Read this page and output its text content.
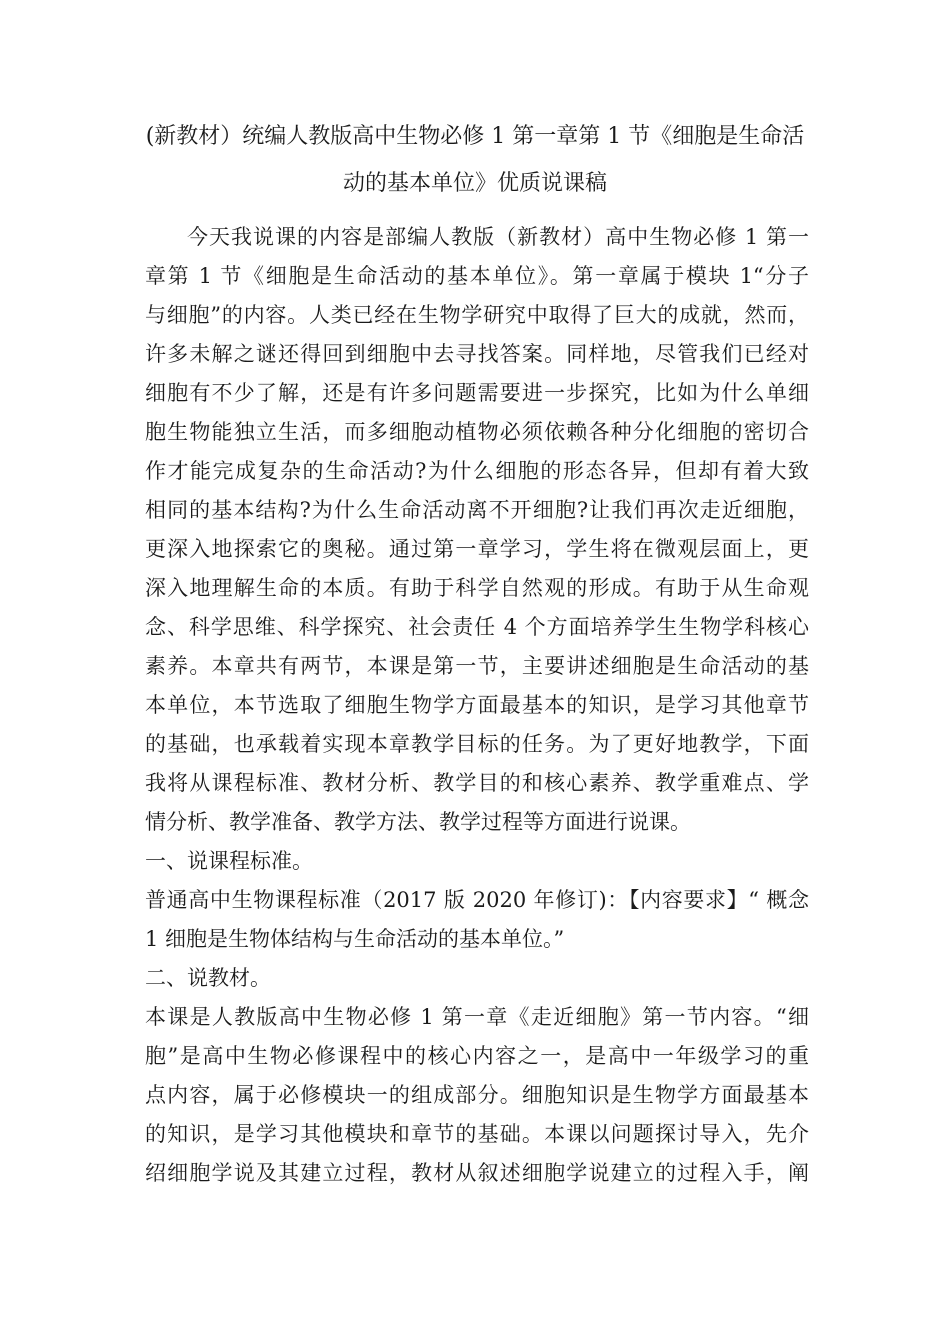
(新教材）统编人教版高中生物必修 1 第一章第 1 节《细胞是生命活
动的基本单位》优质说课稿
今天我说课的内容是部编人教版（新教材）高中生物必修 1 第一
章第 1 节《细胞是生命活动的基本单位》。第一章属于模块 1“分子
与细胞”的内容。人类已经在生物学研究中取得了巨大的成就，然而，
许多未解之谜还得回到细胞中去寻找答案。同样地，尽管我们已经对
细胞有不少了解，还是有许多问题需要进一步探究，比如为什么单细
胞生物能独立生活，而多细胞动植物必须依赖各种分化细胞的密切合
作才能完成复杂的生命活动?为什么细胞的形态各异，但却有着大致
相同的基本结构?为什么生命活动离不开细胞?让我们再次走近细胞，
更深入地探索它的奥秘。通过第一章学习，学生将在微观层面上，更
深入地理解生命的本质。有助于科学自然观的形成。有助于从生命观
念、科学思维、科学探究、社会责任 4 个方面培养学生生物学科核心
素养。本章共有两节，本课是第一节，主要讲述细胞是生命活动的基
本单位，本节选取了细胞生物学方面最基本的知识，是学习其他章节
的基础，也承载着实现本章教学目标的任务。为了更好地教学，下面
我将从课程标准、教材分析、教学目的和核心素养、教学重难点、学
情分析、教学准备、教学方法、教学过程等方面进行说课。
一、说课程标准。
普通高中生物课程标准（2017 版 2020 年修订)：【内容要求】“ 概念
1 细胞是生物体结构与生命活动的基本单位。”
二、说教材。
本课是人教版高中生物必修 1 第一章《走近细胞》第一节内容。“细
胞”是高中生物必修课程中的核心内容之一，是高中一年级学习的重
点内容，属于必修模块一的组成部分。细胞知识是生物学方面最基本
的知识，是学习其他模块和章节的基础。本课以问题探讨导入，先介
绍细胞学说及其建立过程，教材从叙述细胞学说建立的过程入手，阐
